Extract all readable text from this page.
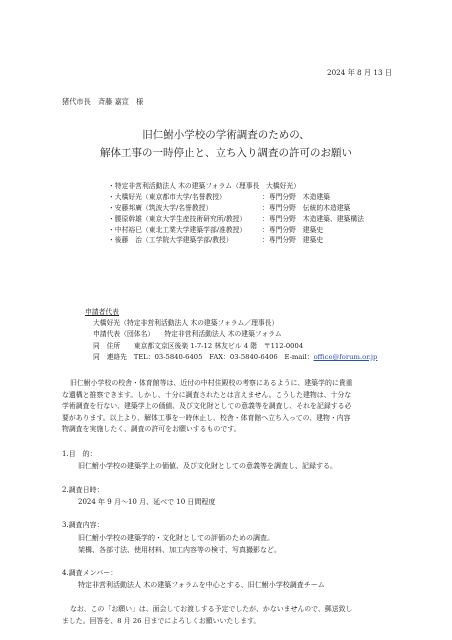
2024 年 8 月 13 日
猪代市長　斉藤 嘉宣　様
旧仁鮒小学校の学術調査のための、
解体工事の一時停止と、立ち入り調査の許可のお願い
・特定非営利活動法人 木の建築フォラム（理事長　大橋好光）
・大橋好光（東京都市大学/名誉教授）	：専門分野　木造建築
・安藤邦廣（筑波大学/名誉教授）	：専門分野　伝統的木造建築
・腰原幹雄（東京大学生産技術研究所/教授） ：専門分野　木造建築、建築構法
・中村裕巳（東北工業大学建築学部/准教授） ：専門分野　建築史
・後藤　治（工学院大学建築学部/教授）	：専門分野　建築史
申請者代表
大橋好光（特定非営利活動法人 木の建築フォラム／理事長）
申請代表（団体名）　　特定非営利活動法人 木の建築フォラム
同　住所　　東京都文京区後楽 1-7-12 林友ビル 4 階　〒112-0004
同　連絡先　TEL：03-5840-6405　FAX：03-5840-6406　E-mail：office@forum.or.jp
旧仁鮒小学校の校舎・体育館等は、近付の中村住殿校の考察にあるように、建築学的に貴重
な遺構と推察できます。しかし、十分に調査されたとは言えません。こうした建物は、十分な
学術調査を行ない、建築学上の価値、及び文化財としての意義等を調査し、それを記録する必
要があります。以上より、解体工事を一時休止し、校舎・体育館へ立ち入っての、建物・内容
物調査を実施したく、調査の許可をお願いするものです。
1.目　的：
旧仁鮒小学校の建築学上の価値、及び文化財としての意義等を調査し、記録する。
2.調査日時：
2024 年 9 月〜10 月、延べで 10 日間程度
3.調査内容：
旧仁鮒小学校の建築学的・文化財としての評価のための調査。
架構、各部寸法、使用材料、加工内容等の検寸、写真撮影など。
4.調査メンバー：
特定非営利活動法人 木の建築フォラムを中心とする、旧仁鮒小学校調査チーム
なお、この「お願い」は、面会してお渡しする予定でしたが、かないませんので、郵送致し
ました。回答を、8 月 26 日までによろしくお願いいたします。
